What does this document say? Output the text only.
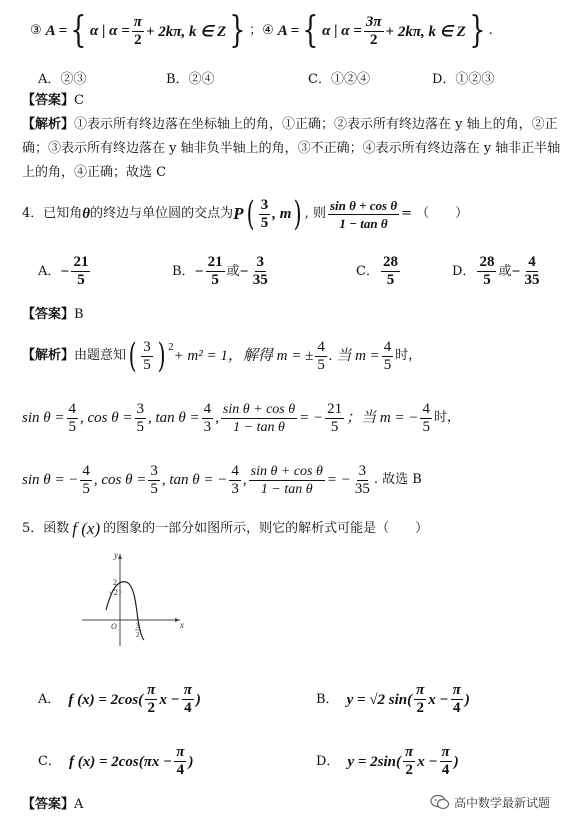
③ A = { α | $\alpha = \frac{\pi}{2} + 2k\pi$, k ∈ Z } ； ④ A = { α | $\alpha = \frac{3\pi}{2} + 2k\pi$, k ∈ Z } .
A．②③	B．②④	C．①②④	D．①②③
【答案】C
【解析】①表示所有终边落在坐标轴上的角，①正确；②表示所有终边落在 y 轴上的角，②正
确；③表示所有终边落在 y 轴非负半轴上的角，③不正确；④表示所有终边落在 y 轴非正半轴
上的角，④正确；故选 C
4． 已知角 θ 的终边与单位圆的交点为 P ( $\frac{3}{5}$ , m ) , 则 $\frac{\text{sin θ + cos θ}}{\text{1 − tan θ}}$ = （　　）
A． − $\frac{21}{5}$	B． − $\frac{21}{5}$ 或 − $\frac{3}{35}$	C． $\frac{28}{5}$	D． $\frac{28}{5}$ 或 − $\frac{4}{35}$
【答案】B
【解析】 由题意知 ( $\frac{3}{5} )^2$
+ m² = 1，解得 m = ± $\frac{4}{5}$ . 当 $m = \frac{4}{5}$ 时，
$\sin \theta = \frac{4}{5}$ , $\cos \theta = \frac{3}{5}$ , $\tan \theta = \frac{4}{3}$ , $\frac{\text{sin θ + cos θ}}{\text{1 − tan θ}}$ = − $\frac{21}{5}$ ；当 m = − $\frac{4}{5}$ 时，
sin θ = − $\frac{4}{5}$ , $\cos \theta = \frac{3}{5}$ , tan θ = − $\frac{4}{3}$ , $\frac{\text{sin θ + cos θ}}{\text{1 − tan θ}}$ = − $\frac{3}{35}$ . 故选 B
5． 函数 f (x) 的图象的一部分如图所示，则它的解析式可能是（　　）
y
x
O
2
√2
3
2
A． f $(x) = 2\cos( \frac{\pi}{2}$ $x - \frac{\pi}{4}$ )	B． y = √2 $\sin( \frac{\pi}{2}$ $x - \frac{\pi}{4}$ )
C． f $(x) = 2\cos(\pi x - \frac{\pi}{4}$ )	D． $y = 2\sin( \frac{\pi}{2}$ $x - \frac{\pi}{4}$ )
【答案】A	高中数学最新试题
